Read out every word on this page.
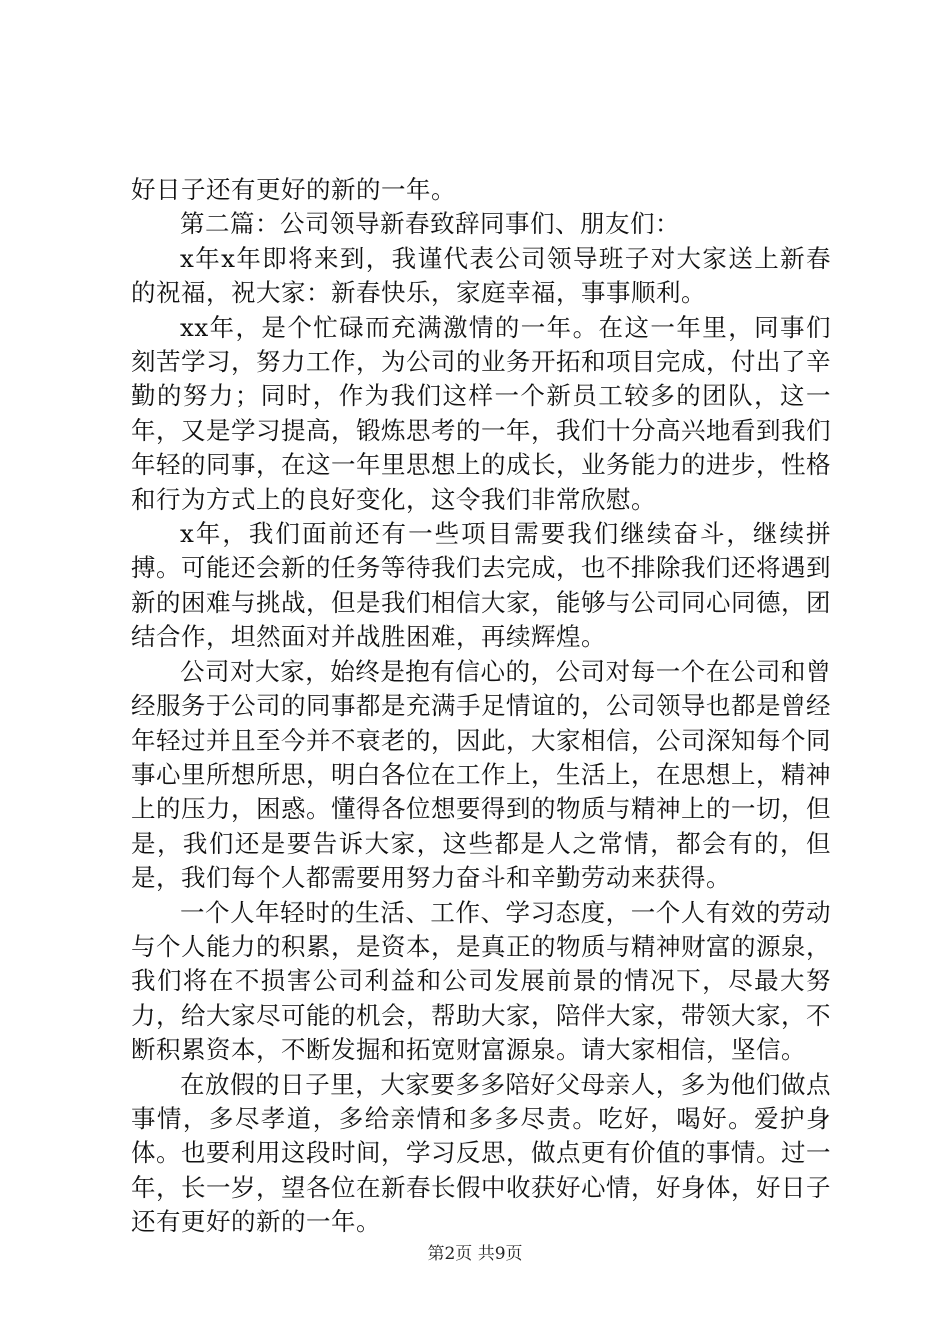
好日子还有更好的新的一年。

第二篇：公司领导新春致辞同事们、朋友们：

x年x年即将来到，我谨代表公司领导班子对大家送上新春的祝福，祝大家：新春快乐，家庭幸福，事事顺利。

xx年，是个忙碌而充满激情的一年。在这一年里，同事们刻苦学习，努力工作，为公司的业务开拓和项目完成，付出了辛勤的努力；同时，作为我们这样一个新员工较多的团队，这一年，又是学习提高，锻炼思考的一年，我们十分高兴地看到我们年轻的同事，在这一年里思想上的成长，业务能力的进步，性格和行为方式上的良好变化，这令我们非常欣慰。

x年，我们面前还有一些项目需要我们继续奋斗，继续拼搏。可能还会新的任务等待我们去完成，也不排除我们还将遇到新的困难与挑战，但是我们相信大家，能够与公司同心同德，团结合作，坦然面对并战胜困难，再续辉煌。

公司对大家，始终是抱有信心的，公司对每一个在公司和曾经服务于公司的同事都是充满手足情谊的，公司领导也都是曾经年轻过并且至今并不衰老的，因此，大家相信，公司深知每个同事心里所想所思，明白各位在工作上，生活上，在思想上，精神上的压力，困惑。懂得各位想要得到的物质与精神上的一切，但是，我们还是要告诉大家，这些都是人之常情，都会有的，但是，我们每个人都需要用努力奋斗和辛勤劳动来获得。

一个人年轻时的生活、工作、学习态度，一个人有效的劳动与个人能力的积累，是资本，是真正的物质与精神财富的源泉，我们将在不损害公司利益和公司发展前景的情况下，尽最大努力，给大家尽可能的机会，帮助大家，陪伴大家，带领大家，不断积累资本，不断发掘和拓宽财富源泉。请大家相信，坚信。

在放假的日子里，大家要多多陪好父母亲人，多为他们做点事情，多尽孝道，多给亲情和多多尽责。吃好，喝好。爱护身体。也要利用这段时间，学习反思，做点更有价值的事情。过一年，长一岁，望各位在新春长假中收获好心情，好身体，好日子还有更好的新的一年。

第2页 共9页
